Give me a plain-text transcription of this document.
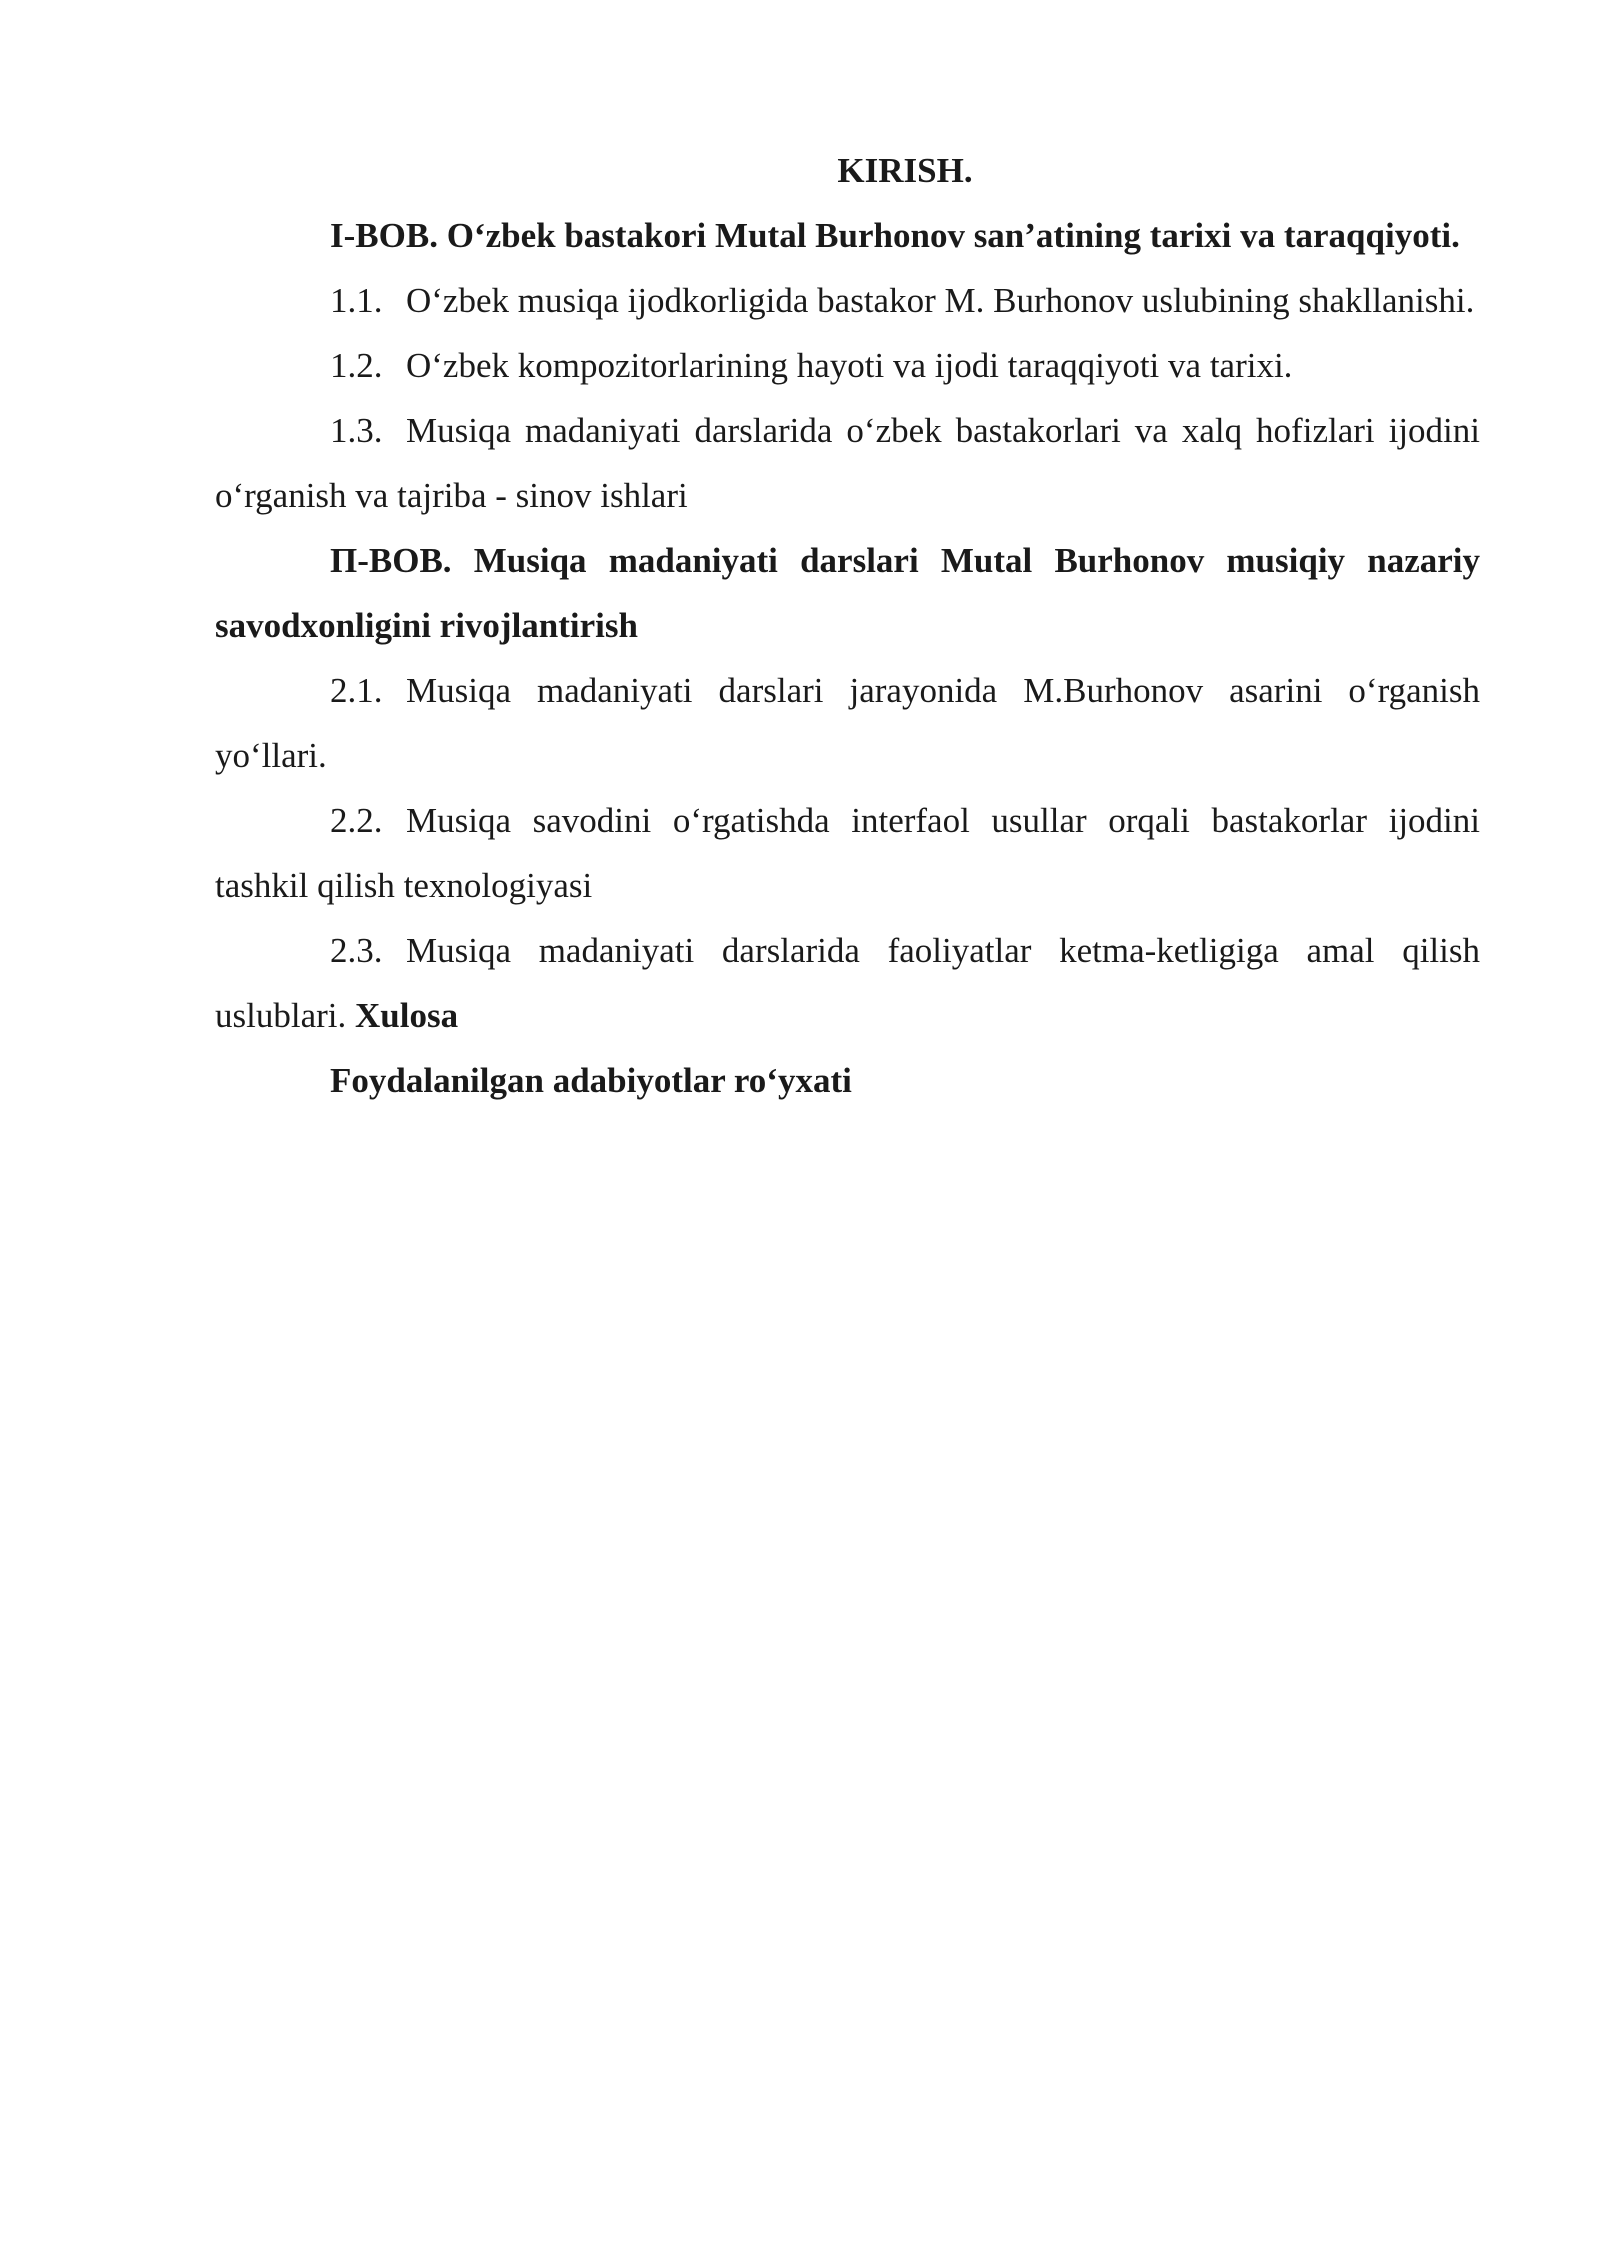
KIRISH.

I-BOB. O‘zbek bastakori Mutal Burhonov san’atining tarixi va taraqqiyoti.

1.1. O‘zbek musiqa ijodkorligida bastakor M. Burhonov uslubining shakllanishi.

1.2. O‘zbek kompozitorlarining hayoti va ijodi taraqqiyoti va tarixi.

1.3. Musiqa madaniyati darslarida o‘zbek bastakorlari va xalq hofizlari ijodini o‘rganish va tajriba - sinov ishlari

П-BOB. Musiqa madaniyati darslari Mutal Burhonov musiqiy nazariy savodxonligini rivojlantirish

2.1. Musiqa madaniyati darslari jarayonida M.Burhonov asarini o‘rganish yo‘llari.

2.2. Musiqa savodini o‘rgatishda interfaol usullar orqali bastakorlar ijodini tashkil qilish texnologiyasi

2.3. Musiqa madaniyati darslarida faoliyatlar ketma-ketligiga amal qilish uslublari. Xulosa

Foydalanilgan adabiyotlar ro‘yxati
